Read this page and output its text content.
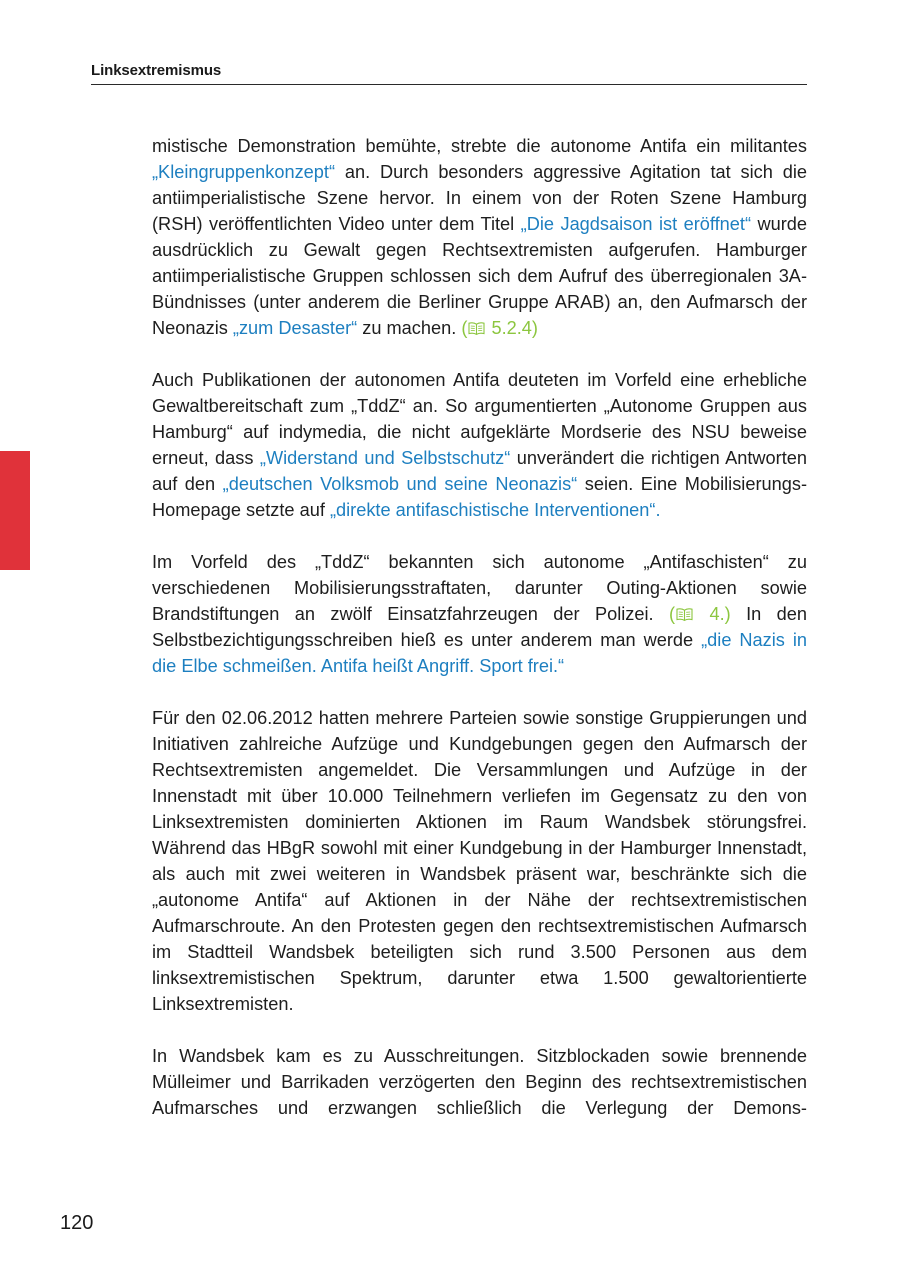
Linksextremismus

mistische Demonstration bemühte, strebte die autonome Antifa ein militantes „Kleingruppenkonzept“ an. Durch besonders aggressive Agitation tat sich die antiimperialistische Szene hervor. In einem von der Roten Szene Hamburg (RSH) veröffentlichten Video unter dem Titel „Die Jagdsaison ist eröffnet“ wurde ausdrücklich zu Gewalt gegen Rechtsextremisten aufgerufen. Hamburger antiimperialistische Gruppen schlossen sich dem Aufruf des überregionalen 3A-Bündnisses (unter anderem die Berliner Gruppe ARAB) an, den Aufmarsch der Neonazis „zum Desaster“ zu machen. ( 5.2.4)

Auch Publikationen der autonomen Antifa deuteten im Vorfeld eine erhebliche Gewaltbereitschaft zum „TddZ“ an. So argumentierten „Autonome Gruppen aus Hamburg“ auf indymedia, die nicht aufgeklärte Mordserie des NSU beweise erneut, dass „Widerstand und Selbstschutz“ unverändert die richtigen Antworten auf den „deutschen Volksmob und seine Neonazis“ seien. Eine Mobilisierungs-Homepage setzte auf „direkte antifaschistische Interventionen“.

Im Vorfeld des „TddZ“ bekannten sich autonome „Antifaschisten“ zu verschiedenen Mobilisierungsstraftaten, darunter Outing-Aktionen sowie Brandstiftungen an zwölf Einsatzfahrzeugen der Polizei. ( 4.) In den Selbstbezichtigungsschreiben hieß es unter anderem man werde „die Nazis in die Elbe schmeißen. Antifa heißt Angriff. Sport frei.“

Für den 02.06.2012 hatten mehrere Parteien sowie sonstige Gruppierungen und Initiativen zahlreiche Aufzüge und Kundgebungen gegen den Aufmarsch der Rechtsextremisten angemeldet. Die Versammlungen und Aufzüge in der Innenstadt mit über 10.000 Teilnehmern verliefen im Gegensatz zu den von Linksextremisten dominierten Aktionen im Raum Wandsbek störungsfrei. Während das HBgR sowohl mit einer Kundgebung in der Hamburger Innenstadt, als auch mit zwei weiteren in Wandsbek präsent war, beschränkte sich die „autonome Antifa“ auf Aktionen in der Nähe der rechtsextremistischen Aufmarschroute. An den Protesten gegen den rechtsextremistischen Aufmarsch im Stadtteil Wandsbek beteiligten sich rund 3.500 Personen aus dem linksextremistischen Spektrum, darunter etwa 1.500 gewaltorientierte Linksextremisten.

In Wandsbek kam es zu Ausschreitungen. Sitzblockaden sowie brennende Mülleimer und Barrikaden verzögerten den Beginn des rechtsextremistischen Aufmarsches und erzwangen schließlich die Verlegung der Demons-

120
